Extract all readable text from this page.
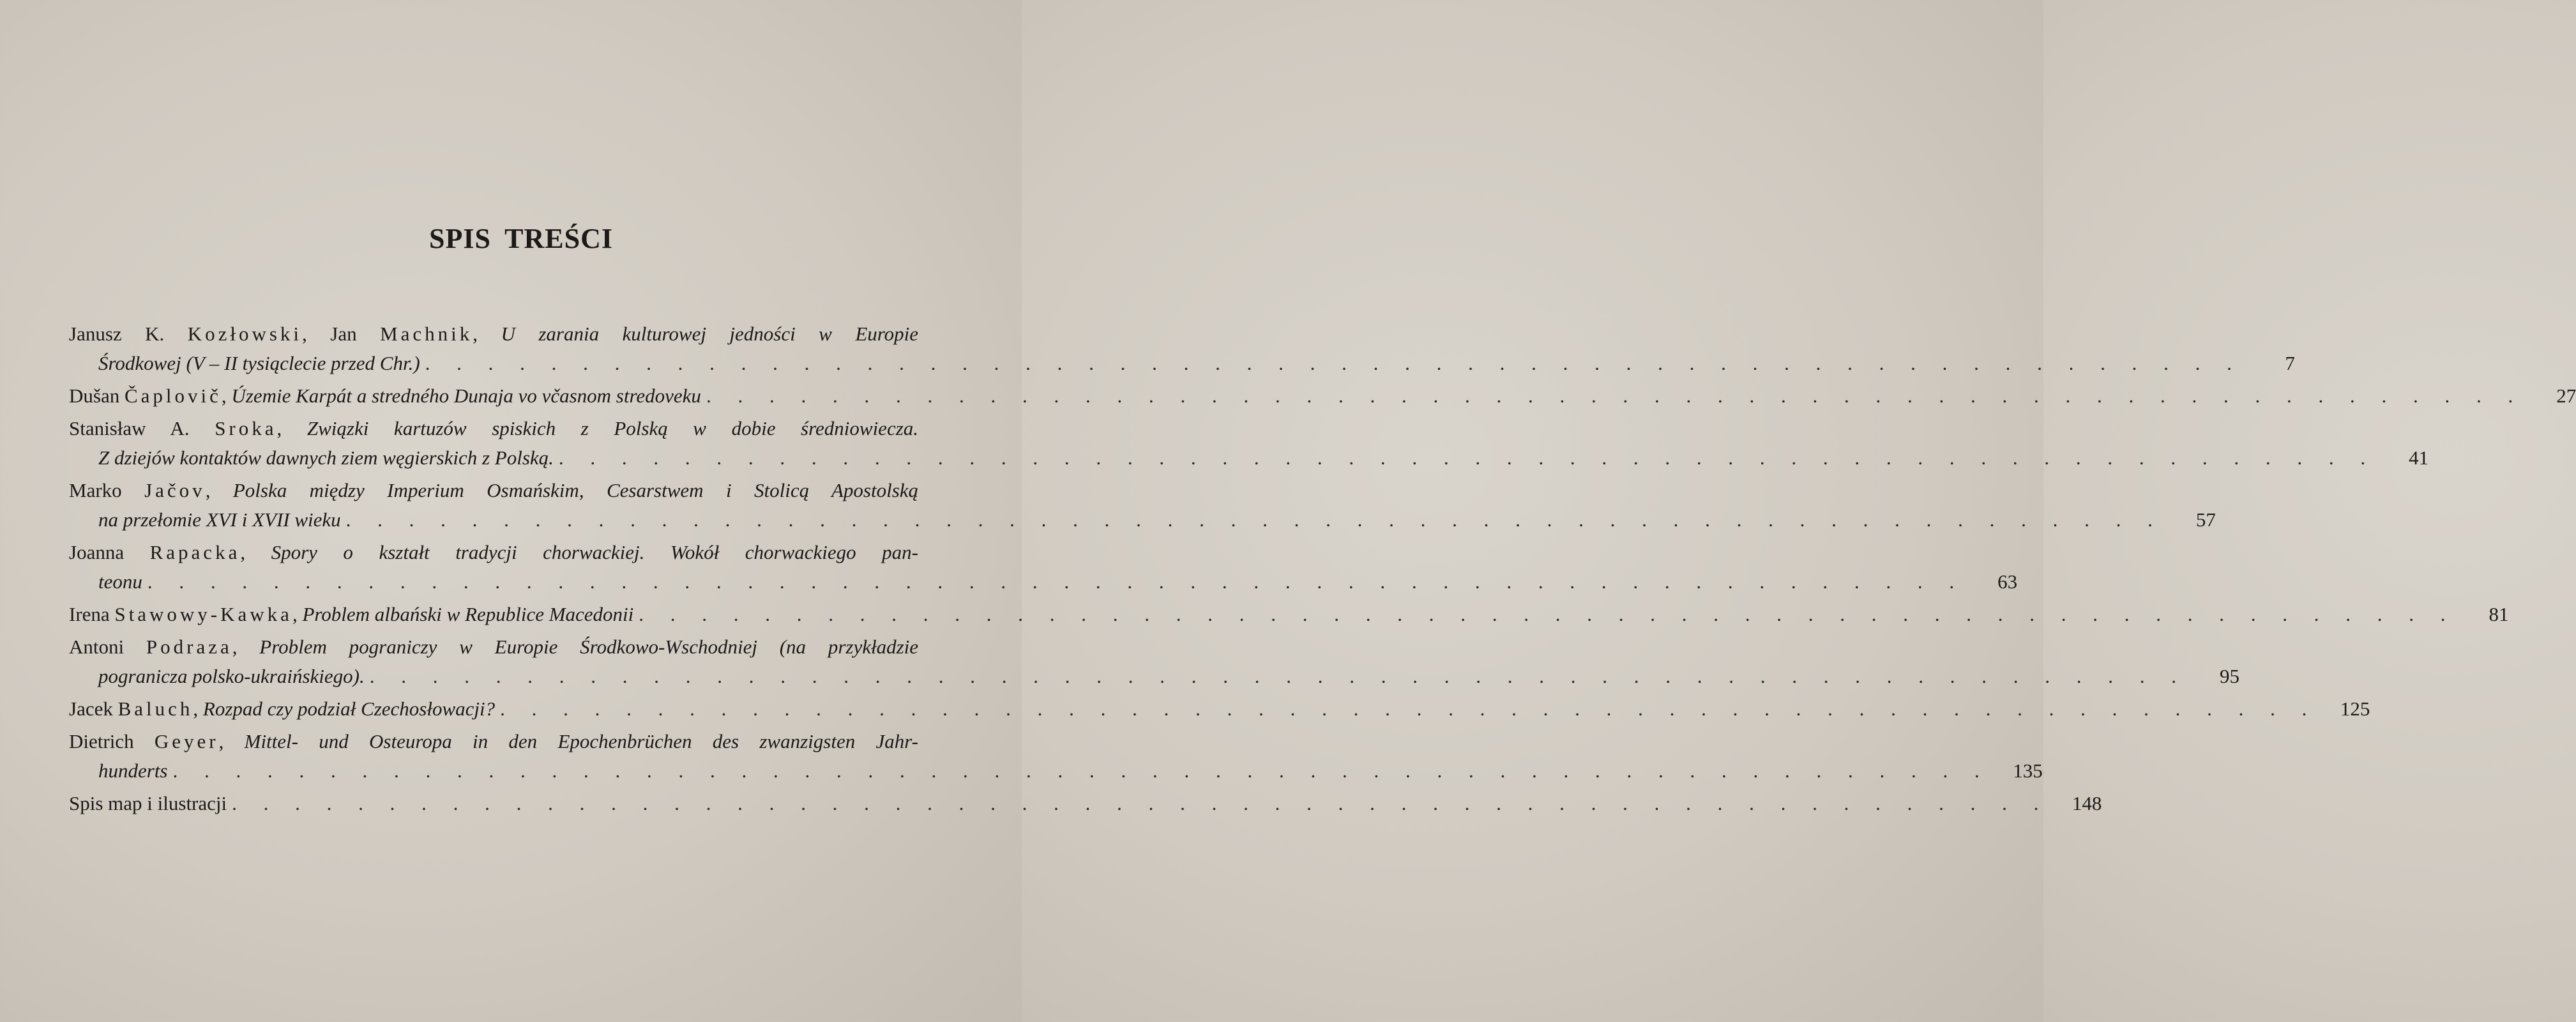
SPIS TREŚCI
Janusz K. Kozłowski, Jan Machnik, U zarania kulturowej jedności w Europie
Środkowej (V – II tysiąclecie przed Chr.) . . . . . . . . . . . . . . . . . . . . . . . . . . . . . . . . . . . . . . . . . . . . . . . . . . . . . . . . . .	7
Dušan
Čaplovič , Územie Karpát a stredného Dunaja vo včasnom stredoveku . . . . . . . . . . . . . . . . . . . . . . . . . . . . . . . . . . . . . . . . . . . . . . . . . . . . . . . . . .	27
Stanisław A. Sroka, Związki kartuzów spiskich z Polską w dobie średniowiecza.
Z dziejów kontaktów dawnych ziem węgierskich z Polską. . . . . . . . . . . . . . . . . . . . . . . . . . . . . . . . . . . . . . . . . . . . . . . . . . . . . . . . . . .	41
Marko Jačov, Polska między Imperium Osmańskim, Cesarstwem i Stolicą Apostolską
na przełomie XVI i XVII wieku . . . . . . . . . . . . . . . . . . . . . . . . . . . . . . . . . . . . . . . . . . . . . . . . . . . . . . . . . .	57
Joanna Rapacka, Spory o kształt tradycji chorwackiej. Wokół chorwackiego pan-
teonu . . . . . . . . . . . . . . . . . . . . . . . . . . . . . . . . . . . . . . . . . . . . . . . . . . . . . . . . . .	63
Irena
Stawowy-Kawka , Problem albański w Republice Macedonii . . . . . . . . . . . . . . . . . . . . . . . . . . . . . . . . . . . . . . . . . . . . . . . . . . . . . . . . . .	81
Antoni Podraza, Problem pograniczy w Europie Środkowo-Wschodniej (na przykładzie
pogranicza polsko-ukraińskiego). . . . . . . . . . . . . . . . . . . . . . . . . . . . . . . . . . . . . . . . . . . . . . . . . . . . . . . . . . .	95
Jacek
Baluch , Rozpad czy podział Czechosłowacji? . . . . . . . . . . . . . . . . . . . . . . . . . . . . . . . . . . . . . . . . . . . . . . . . . . . . . . . . . .	125
Dietrich Geyer, Mittel- und Osteuropa in den Epochenbrüchen des zwanzigsten Jahr-
hunderts . . . . . . . . . . . . . . . . . . . . . . . . . . . . . . . . . . . . . . . . . . . . . . . . . . . . . . . . . .	135
Spis map i ilustracji . . . . . . . . . . . . . . . . . . . . . . . . . . . . . . . . . . . . . . . . . . . . . . . . . . . . . . . . . .	148
